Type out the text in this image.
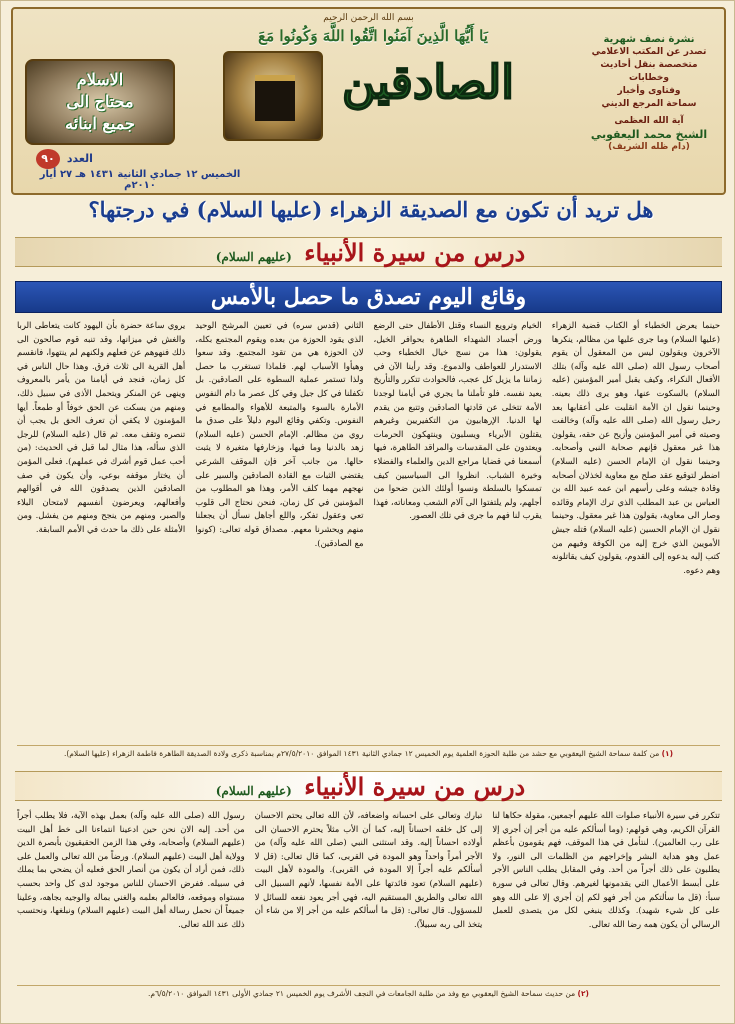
بسم الله الرحمن الرحيم
يَا أَيُّهَا الَّذِينَ آمَنُوا اتَّقُوا اللَّهَ وَكُونُوا مَعَ	نشرة نصف شهرية
تصدر عن المكتب الاعلامي
متخصصة بنقل أحاديث وخطابات
وفتاوى وأخبار
سماحة المرجع الديني
آية الله العظمى
الشيخ محمد اليعقوبي
(دام ظله الشريف)
الصادقين
الاسلام
محتاج الى
جميع ابنائه
العدد ٩٠
الخميس ١٢ جمادي الثانية ١٤٣١ هـ ٢٧ أيار ٢٠١٠م
هل تريد أن تكون مع الصديقة الزهراء (عليها السلام) في درجتها؟
درس من سيرة الأنبياء (عليهم السلام)
وقائع اليوم تصدق ما حصل بالأمس

حينما يعرض الخطباء أو الكتاب قضية الزهراء (عليها السلام) وما جرى عليها من مظالم، ينكرها الآخرون ويقولون ليس من المعقول أن يقوم أصحاب رسول الله (صلى الله عليه وآله) بتلك الأفعال النكراء، وكيف يقبل أمير المؤمنين (عليه السلام) بالسكوت عنها، وهو يرى ذلك بعينه. وحينما نقول ان الأمة انقلبت على أعقابها بعد رحيل رسول الله (صلى الله عليه وآله) وخالفت وصيته في أمير المؤمنين وأزيح عن حقه، يقولون هذا غير معقول فإنهم صحابة النبي وأصحابه. وحينما نقول ان الإمام الحسن (عليه السلام) اضطر لتوقيع عقد صلح مع معاوية لخذلان أصحابه وقادة جيشه وعلى رأسهم ابن عمه عبيد الله بن العباس بن عبد المطلب الذي ترك الإمام وقائده وصار الى معاوية، يقولون هذا غير معقول. وحينما نقول ان الإمام الحسين (عليه السلام) قتله جيش الأمويين الذي خرج إليه من الكوفة وفيهم من كتب إليه يدعوه إلى القدوم، يقولون كيف يقاتلونه وهم دعوه.

الخيام وترويع النساء وقتل الأطفال حتى الرضع ورض أجساد الشهداء الطاهرة بحوافر الخيل، يقولون: هذا من نسج خيال الخطباء وحب الاستدرار للعواطف والدموع. وقد رأينا الآن في زماننا ما يزيل كل عجب، فالحوادث تتكرر والتأريخ يعيد نفسه. فلو تأملنا ما يجري في أيامنا لوجدنا الأمة تتخلى عن قادتها الصادقين وتتبع من يقدم لها الدنيا. الإرهابيون من التكفيريين وغيرهم يقتلون الأبرياء ويسلبون وينتهكون الحرمات ويعتدون على المقدسات والمراقد الطاهرة، فيها أسمعنا في قضايا مراجع الدين والعلماء والفضلاء وخيرة الشباب. انظروا الى السياسيين كيف تمسكوا بالسلطة ونسوا أولئك الذين ضحوا من أجلهم، ولم يلتفتوا الى آلام الشعب ومعاناته، فهذا يقرب لنا فهم ما جرى في تلك العصور.

الثاني (قدس سره) في تعيين المرشح الوحيد الذي يقود الحوزة من بعده ويقوم المجتمع بكله، لان الحوزة هي من تقود المجتمع. وقد سعوا وهيأوا الأسباب لهم. فلماذا تستغرب ما حصل ولذا تستمر عملية السطوة على الصادقين. بل تكفلنا في كل جيل وفي كل عصر ما دام النفوس الأمارة بالسوء والمتبعة للأهواء والمطامع في النفوس. وتكفي وقائع اليوم دليلاً على صدق ما روي من مظالم. الإمام الحسن (عليه السلام) زهد بالدنيا وما فيها، وزخارفها متغيرة لا يثبت حالها. من جانب آخر فإن الموقف الشرعي يقتضي الثبات مع القادة الصادقين والسير على نهجهم مهما كلف الأمر، وهذا هو المطلوب من المؤمنين في كل زمان، فنحن نحتاج الى قلوب تعي وعقول تفكر، واللع أجاهل نسأل أن يجعلنا منهم ويحشرنا معهم. مصداق قوله تعالى: (كونوا مع الصادقين).

يروي ساعة حضرة بأن اليهود كانت يتعاطى الربا والغش في ميزانها، وقد تنبه قوم صالحون الى ذلك فنهوهم عن فعلهم ولكنهم لم ينتهوا، فانقسم أهل القرية الى ثلاث فرق. وهذا حال الناس في كل زمان، فنجد في أيامنا من يأمر بالمعروف وينهى عن المنكر ويتحمل الأذى في سبيل ذلك، ومنهم من يسكت عن الحق خوفاً أو طمعاً. أيها المؤمنون لا يكفي أن تعرف الحق بل يجب أن تنصره وتقف معه. ثم قال (عليه السلام) للرجل الذي سأله، هذا مثال لما قيل في الحديث: (من أحب عمل قوم أشرك في عملهم). فعلى المؤمن أن يختار موقفه بوعي، وأن يكون في صف الصادقين الذين يصدقون الله في أقوالهم وأفعالهم، ويعرضون أنفسهم لامتحان البلاء والصبر، ومنهم من ينجح ومنهم من يفشل. ومن الأمثلة على ذلك ما حدث في الأمم السابقة.

(١) من كلمة سماحة الشيخ اليعقوبي مع حشد من طلبة الحوزة العلمية يوم الخميس ١٢ جمادي الثانية ١٤٣١ الموافق ٢٧/٥/٢٠١٠م بمناسبة ذكرى ولادة الصديقة الطاهرة فاطمة الزهراء (عليها السلام).
درس من سيرة الأنبياء (عليهم السلام)

تتكرر في سيرة الأنبياء صلوات الله عليهم أجمعين، مقولة حكاها لنا القرآن الكريم، وهي قولهم: (وما أسألكم عليه من أجر إن أجري إلا على رب العالمين). لنتأمل في هذا الموقف، فهم يقومون بأعظم عمل وهو هداية البشر وإخراجهم من الظلمات الى النور، ولا يطلبون على ذلك أجراً من أحد. وفي المقابل يطلب الناس الأجر على أبسط الأعمال التي يقدمونها لغيرهم. وقال تعالى في سورة سبأ: (قل ما سألتكم من أجر فهو لكم إن أجري إلا على الله وهو على كل شيء شهيد). وكذلك ينبغي لكل من يتصدى للعمل الرسالي أن يكون همه رضا الله تعالى.

تبارك وتعالى على احسانه واضعافه، لأن الله تعالى يحتم الاحسان إلى كل خلقه احساناً إليه، كما أن الأب مثلاً يحترم الاحسان الى أولاده احساناً إليه. وقد استثنى النبي (صلى الله عليه وآله) من الأجر أمراً واحداً وهو المودة في القربى، كما قال تعالى: (قل لا أسألكم عليه أجراً إلا المودة في القربى). والمودة لأهل البيت (عليهم السلام) تعود فائدتها على الأمة نفسها، لأنهم السبيل الى الله تعالى والطريق المستقيم اليه، فهي أجر يعود نفعه للسائل لا للمسؤول. قال تعالى: (قل ما أسألكم عليه من أجر إلا من شاء أن يتخذ الى ربه سبيلاً).

رسول الله (صلى الله عليه وآله) بعمل بهذه الآية، فلا يطلب أجراً من أحد. إليه الان نحن حين ادعينا انتماءنا الى خط أهل البيت (عليهم السلام) وأصحابه، وفي هذا الزمن الحقيقيون بأبصرة الدين وولاية أهل البيت (عليهم السلام). ورضاً من الله تعالى والعمل على ذلك، فمن أراد أن يكون من أنصار الحق فعليه أن يضحي بما يملك في سبيله. ففرض الاحسان للناس موجود لدى كل واحد بحسب مستواه وموقعه، فالعالم بعلمه والغني بماله والوجيه بجاهه، وعلينا جميعاً أن نحمل رسالة أهل البيت (عليهم السلام) ونبلغها، ونحتسب ذلك عند الله تعالى.

(٢) من حديث سماحة الشيخ اليعقوبي مع وفد من طلبة الجامعات في النجف الأشرف يوم الخميس ٢١ جمادي الأولى ١٤٣١ الموافق ٦/٥/٢٠١٠م.
